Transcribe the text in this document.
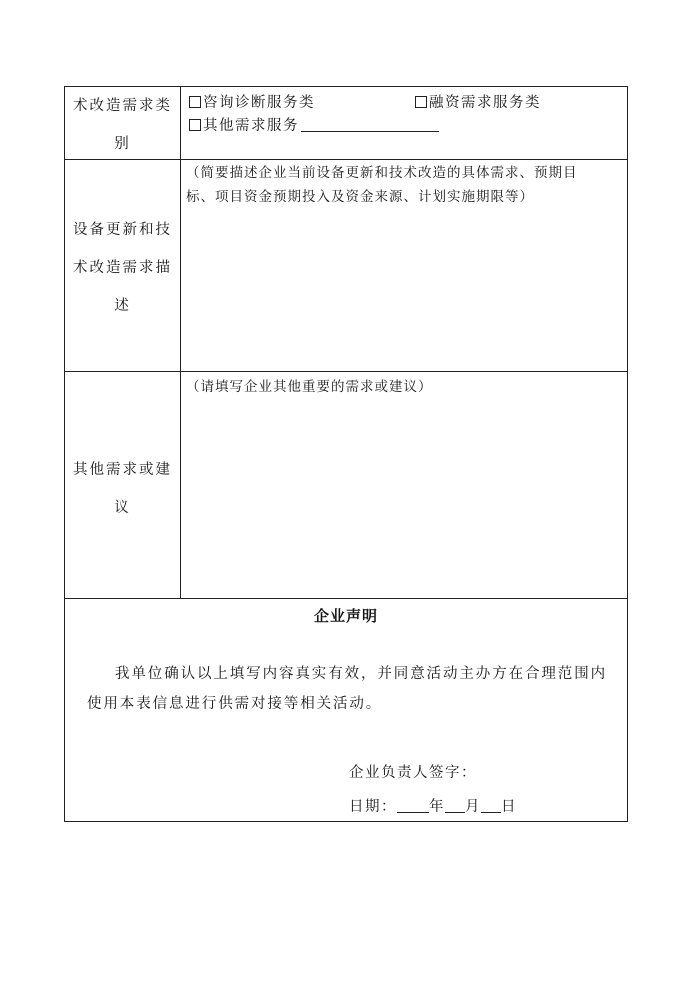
术改造需求类
别
咨询诊断服务类	融资需求服务类
其他需求服务
设备更新和技
术改造需求描
述
（简要描述企业当前设备更新和技术改造的具体需求、预期目
标、项目资金预期投入及资金来源、计划实施期限等）
其他需求或建
议
（请填写企业其他重要的需求或建议）
企业声明
我单位确认以上填写内容真实有效，并同意活动主办方在合理范围内使用本表信息进行供需对接等相关活动。
企业负责人签字：
日期： 年 月 日
